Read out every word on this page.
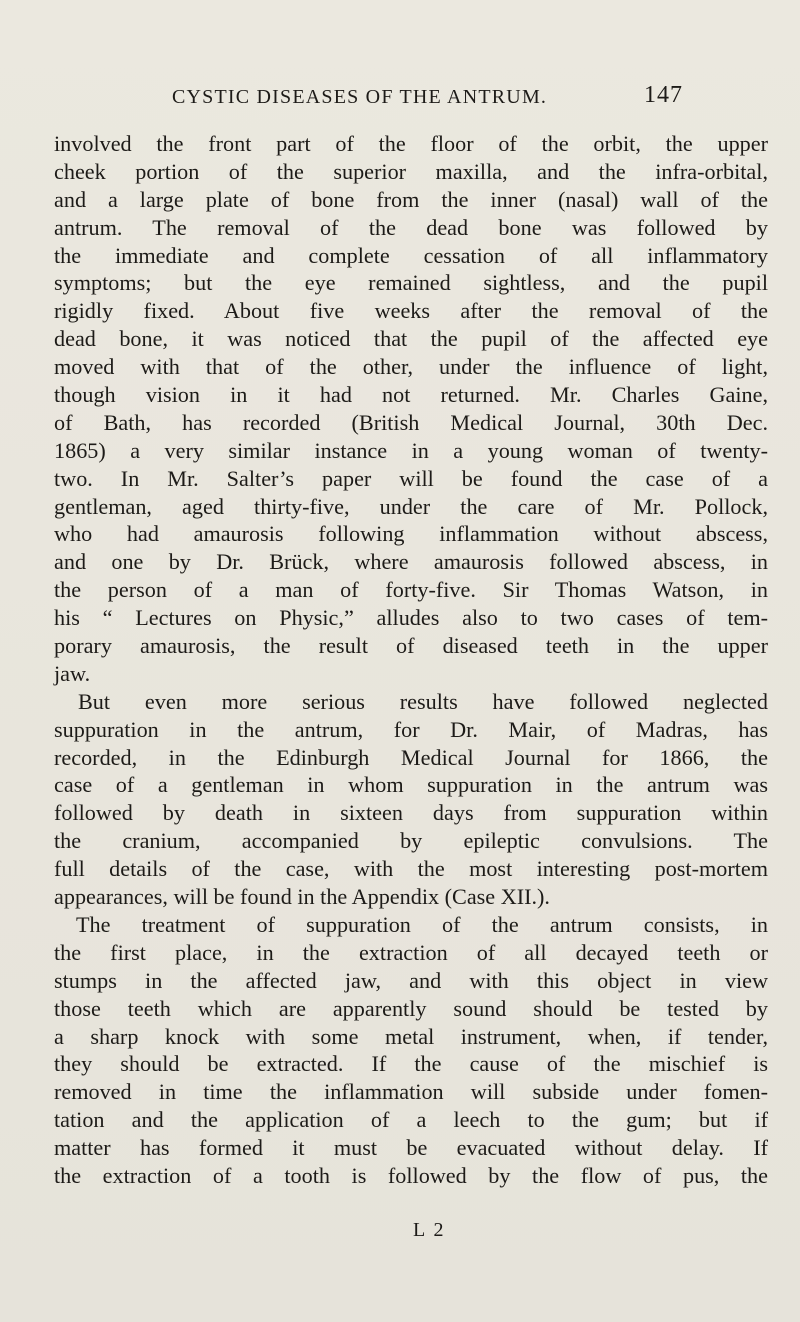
CYSTIC DISEASES OF THE ANTRUM.	147

involved the front part of the floor of the orbit, the upper
cheek portion of the superior maxilla, and the infra-orbital,
and a large plate of bone from the inner (nasal) wall of the
antrum. The removal of the dead bone was followed by
the immediate and complete cessation of all inflammatory
symptoms; but the eye remained sightless, and the pupil
rigidly fixed. About five weeks after the removal of the
dead bone, it was noticed that the pupil of the affected eye
moved with that of the other, under the influence of light,
though vision in it had not returned. Mr. Charles Gaine,
of Bath, has recorded (British Medical Journal, 30th Dec.
1865) a very similar instance in a young woman of twenty-
two. In Mr. Salter’s paper will be found the case of a
gentleman, aged thirty-five, under the care of Mr. Pollock,
who had amaurosis following inflammation without abscess,
and one by Dr. Brück, where amaurosis followed abscess, in
the person of a man of forty-five. Sir Thomas Watson, in
his “ Lectures on Physic,” alludes also to two cases of tem-
porary amaurosis, the result of diseased teeth in the upper
jaw.

But even more serious results have followed neglected
suppuration in the antrum, for Dr. Mair, of Madras, has
recorded, in the Edinburgh Medical Journal for 1866, the
case of a gentleman in whom suppuration in the antrum was
followed by death in sixteen days from suppuration within
the cranium, accompanied by epileptic convulsions. The
full details of the case, with the most interesting post-mortem
appearances, will be found in the Appendix (Case XII.).

The treatment of suppuration of the antrum consists, in
the first place, in the extraction of all decayed teeth or
stumps in the affected jaw, and with this object in view
those teeth which are apparently sound should be tested by
a sharp knock with some metal instrument, when, if tender,
they should be extracted. If the cause of the mischief is
removed in time the inflammation will subside under fomen-
tation and the application of a leech to the gum; but if
matter has formed it must be evacuated without delay. If
the extraction of a tooth is followed by the flow of pus, the

L 2
